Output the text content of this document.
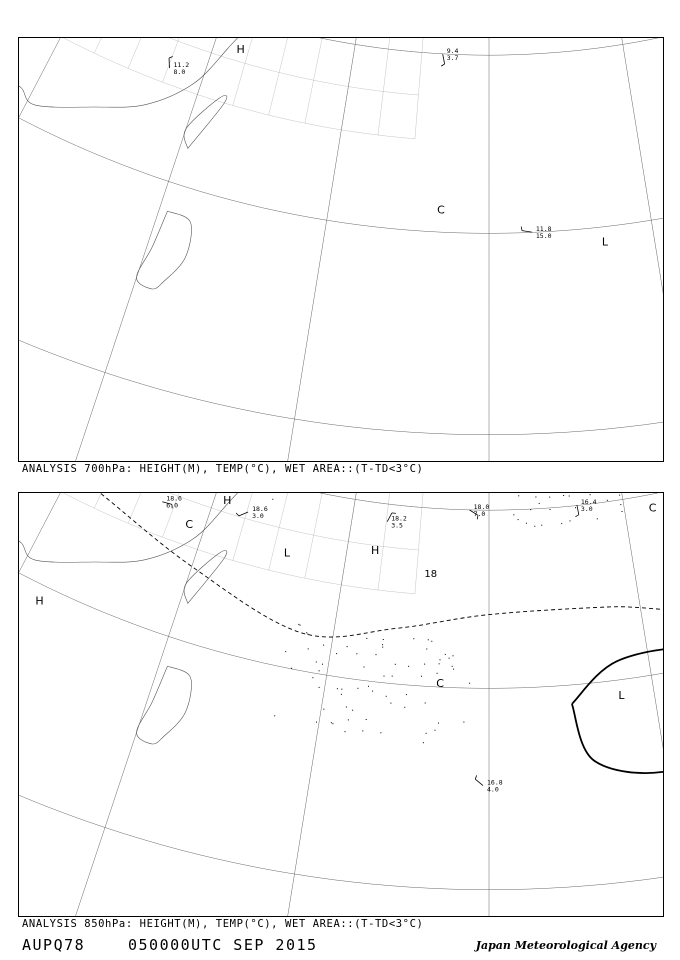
9.4
3.7
11.2
8.0
11.8
15.0
H
C
L
ANALYSIS 700hPa: HEIGHT(M), TEMP(°C), WET AREA::(T-TD<3°C)
18.6
6.0	18.6
3.0	18.2
3.5
18.0
7.0
16.4
3.0
16.8
4.0
18
H
C
L	H
H
C
L
C
ANALYSIS 850hPa: HEIGHT(M), TEMP(°C), WET AREA::(T-TD<3°C)
AUPQ78	050000UTC SEP 2015	Japan Meteorological Agency
